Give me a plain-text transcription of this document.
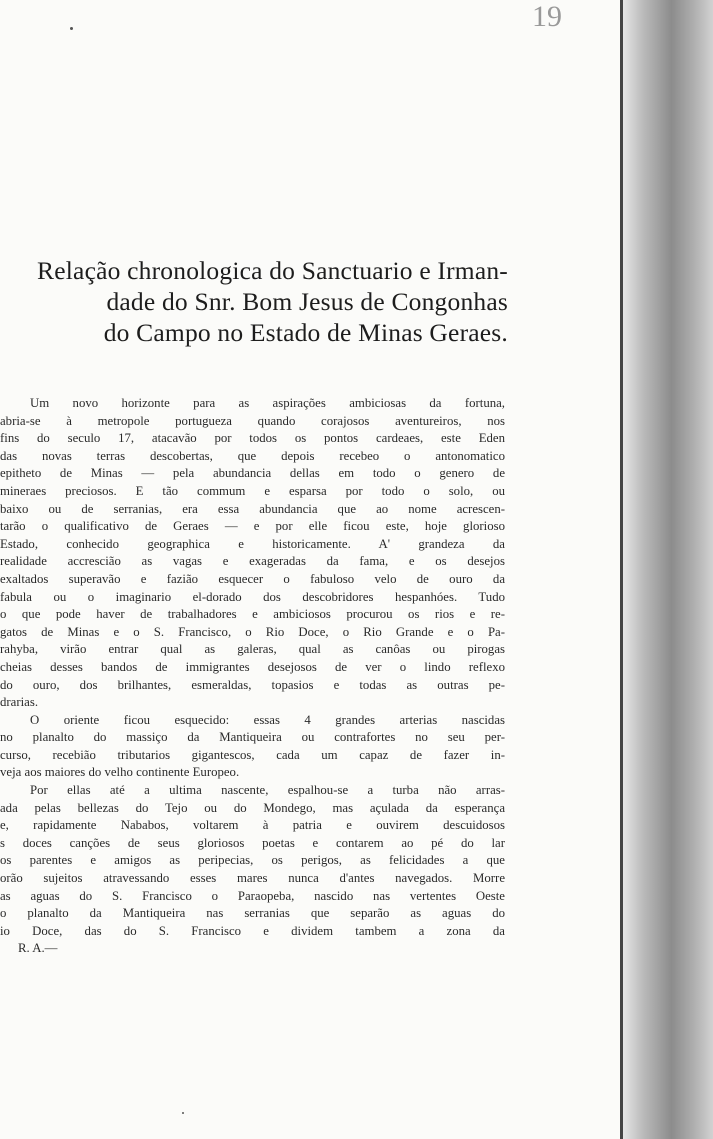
19
Relação chronologica do Sanctuario e Irman-
dade do Snr. Bom Jesus de Congonhas
do Campo no Estado de Minas Geraes.
Um novo horizonte para as aspirações ambiciosas da fortuna,
abria-se à metropole portugueza quando corajosos aventureiros, nos
fins do seculo 17, atacavão por todos os pontos cardeaes, este Eden
das novas terras descobertas, que depois recebeo o antonomatico
epitheto de Minas — pela abundancia dellas em todo o genero de
mineraes preciosos. E tão commum e esparsa por todo o solo, ou
baixo ou de serranias, era essa abundancia que ao nome acrescen-
tarão o qualificativo de Geraes — e por elle ficou este, hoje glorioso
Estado, conhecido geographica e historicamente. A' grandeza da
realidade accrescião as vagas e exageradas da fama, e os desejos
exaltados superavão e fazião esquecer o fabuloso velo de ouro da
fabula ou o imaginario el-dorado dos descobridores hespanhóes. Tudo
o que pode haver de trabalhadores e ambiciosos procurou os rios e re-
gatos de Minas e o S. Francisco, o Rio Doce, o Rio Grande e o Pa-
rahyba, virão entrar qual as galeras, qual as canôas ou pirogas
cheias desses bandos de immigrantes desejosos de ver o lindo reflexo
do ouro, dos brilhantes, esmeraldas, topasios e todas as outras pe-
drarias.
O oriente ficou esquecido: essas 4 grandes arterias nascidas
no planalto do massiço da Mantiqueira ou contrafortes no seu per-
curso, recebião tributarios gigantescos, cada um capaz de fazer in-
veja aos maiores do velho continente Europeo.
Por ellas até a ultima nascente, espalhou-se a turba não arras-
ada pelas bellezas do Tejo ou do Mondego, mas açulada da esperança
e, rapidamente Nababos, voltarem à patria e ouvirem descuidosos
s doces canções de seus gloriosos poetas e contarem ao pé do lar
os parentes e amigos as peripecias, os perigos, as felicidades a que
orão sujeitos atravessando esses mares nunca d'antes navegados. Morre
as aguas do S. Francisco o Paraopeba, nascido nas vertentes Oeste
o planalto da Mantiqueira nas serranias que separão as aguas do
io Doce, das do S. Francisco e dividem tambem a zona da
R. A.—
